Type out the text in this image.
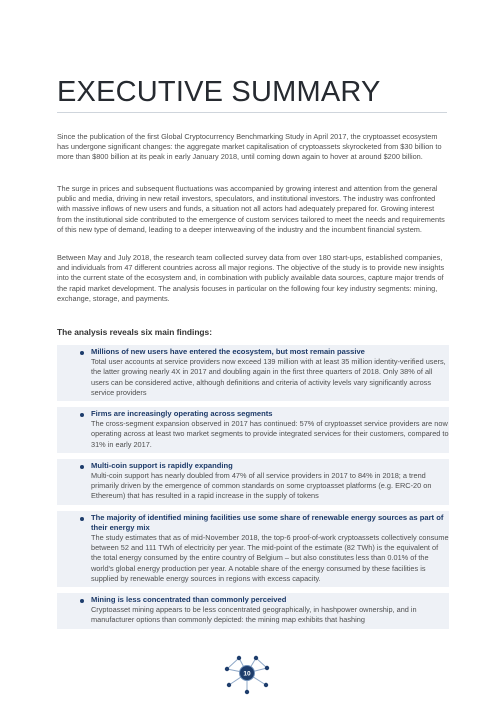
EXECUTIVE SUMMARY

Since the publication of the first Global Cryptocurrency Benchmarking Study in April 2017, the cryptoasset ecosystem has undergone significant changes: the aggregate market capitalisation of cryptoassets skyrocketed from $30 billion to more than $800 billion at its peak in early January 2018, until coming down again to hover at around $200 billion.

The surge in prices and subsequent fluctuations was accompanied by growing interest and attention from the general public and media, driving in new retail investors, speculators, and institutional investors. The industry was confronted with massive inflows of new users and funds, a situation not all actors had adequately prepared for. Growing interest from the institutional side contributed to the emergence of custom services tailored to meet the needs and requirements of this new type of demand, leading to a deeper interweaving of the industry and the incumbent financial system.

Between May and July 2018, the research team collected survey data from over 180 start-ups, established companies, and individuals from 47 different countries across all major regions. The objective of the study is to provide new insights into the current state of the ecosystem and, in combination with publicly available data sources, capture major trends of the rapid market development. The analysis focuses in particular on the following four key industry segments: mining, exchange, storage, and payments.

The analysis reveals six main findings:

Millions of new users have entered the ecosystem, but most remain passive
Total user accounts at service providers now exceed 139 million with at least 35 million identity-verified users, the latter growing nearly 4X in 2017 and doubling again in the first three quarters of 2018. Only 38% of all users can be considered active, although definitions and criteria of activity levels vary significantly across service providers
Firms are increasingly operating across segments
The cross-segment expansion observed in 2017 has continued: 57% of cryptoasset service providers are now operating across at least two market segments to provide integrated services for their customers, compared to 31% in early 2017.
Multi-coin support is rapidly expanding
Multi-coin support has nearly doubled from 47% of all service providers in 2017 to 84% in 2018; a trend primarily driven by the emergence of common standards on some cryptoasset platforms (e.g. ERC-20 on Ethereum) that has resulted in a rapid increase in the supply of tokens
The majority of identified mining facilities use some share of renewable energy sources as part of their energy mix
The study estimates that as of mid-November 2018, the top-6 proof-of-work cryptoassets collectively consume between 52 and 111 TWh of electricity per year. The mid-point of the estimate (82 TWh) is the equivalent of the total energy consumed by the entire country of Belgium – but also constitutes less than 0.01% of the world's global energy production per year. A notable share of the energy consumed by these facilities is supplied by renewable energy sources in regions with excess capacity.
Mining is less concentrated than commonly perceived
Cryptoasset mining appears to be less concentrated geographically, in hashpower ownership, and in manufacturer options than commonly depicted: the mining map exhibits that hashing
10
